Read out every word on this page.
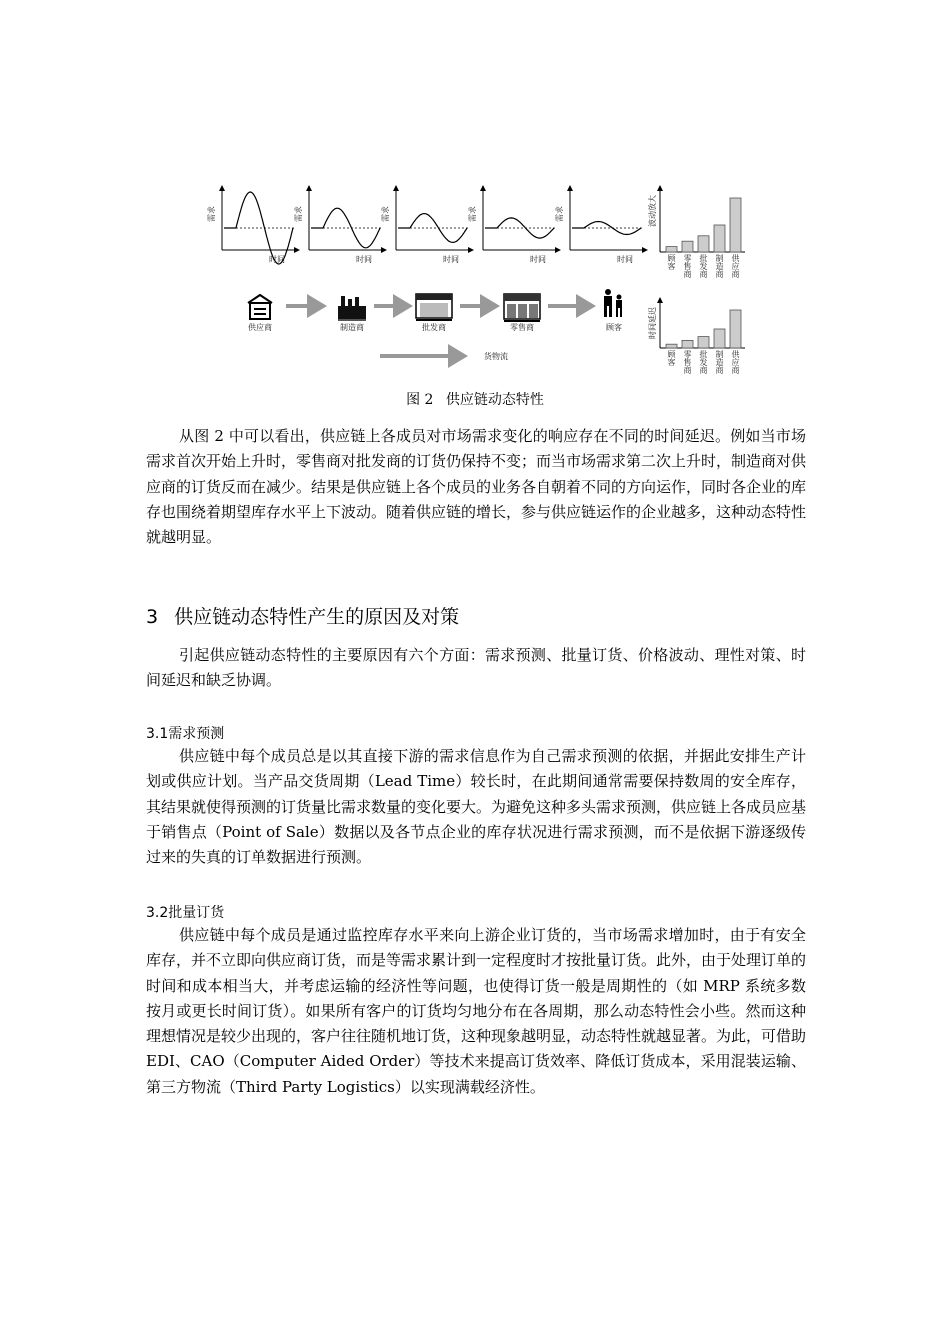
需求
时间
需求
时间
需求
时间
需求
时间
需求
时间	顾
客
零
售
商
批
发
商
制
造
商
供
应
商
波动放大
顾
客
零
售
商
批
发
商
制
造
商
供
应
商
时间延迟
供应商	制造商	批发商	零售商	顾客
货物流
图 2 供应链动态特性

从图 2 中可以看出，供应链上各成员对市场需求变化的响应存在不同的时间延迟。例如当市场需求首次开始上升时，零售商对批发商的订货仍保持不变；而当市场需求第二次上升时，制造商对供应商的订货反而在减少。结果是供应链上各个成员的业务各自朝着不同的方向运作，同时各企业的库存也围绕着期望库存水平上下波动。随着供应链的增长，参与供应链运作的企业越多，这种动态特性就越明显。

3 供应链动态特性产生的原因及对策

引起供应链动态特性的主要原因有六个方面：需求预测、批量订货、价格波动、理性对策、时间延迟和缺乏协调。

3.1需求预测

供应链中每个成员总是以其直接下游的需求信息作为自己需求预测的依据，并据此安排生产计划或供应计划。当产品交货周期（Lead Time）较长时，在此期间通常需要保持数周的安全库存，其结果就使得预测的订货量比需求数量的变化要大。为避免这种多头需求预测，供应链上各成员应基于销售点（Point of Sale）数据以及各节点企业的库存状况进行需求预测，而不是依据下游逐级传过来的失真的订单数据进行预测。

3.2批量订货

供应链中每个成员是通过监控库存水平来向上游企业订货的，当市场需求增加时，由于有安全库存，并不立即向供应商订货，而是等需求累计到一定程度时才按批量订货。此外，由于处理订单的时间和成本相当大，并考虑运输的经济性等问题，也使得订货一般是周期性的（如 MRP 系统多数按月或更长时间订货）。如果所有客户的订货均匀地分布在各周期，那么动态特性会小些。然而这种理想情况是较少出现的，客户往往随机地订货，这种现象越明显，动态特性就越显著。为此，可借助EDI、CAO（Computer Aided Order）等技术来提高订货效率、降低订货成本，采用混装运输、第三方物流（Third Party Logistics）以实现满载经济性。
